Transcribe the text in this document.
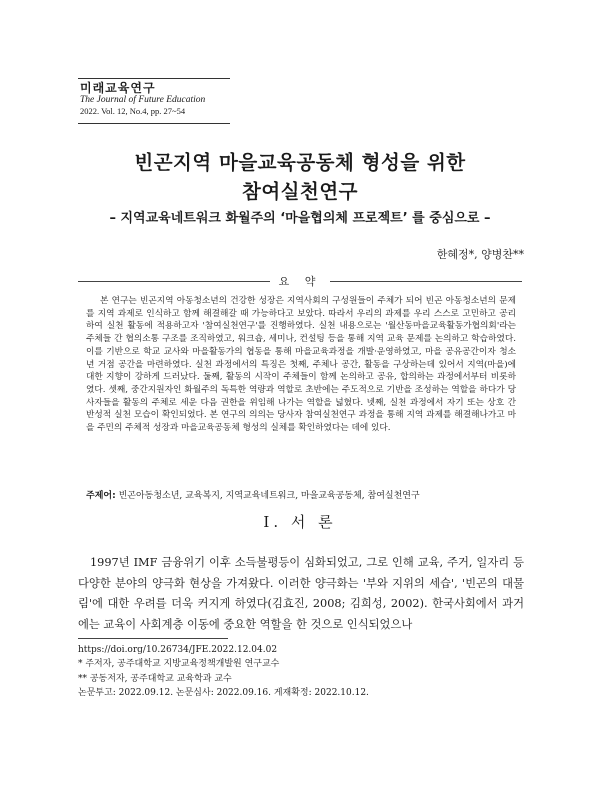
미래교육연구
The Journal of Future Education
2022. Vol. 12, No.4, pp. 27~54
빈곤지역 마을교육공동체 형성을 위한
참여실천연구
– 지역교육네트워크 화월주의 ‘마을협의체 프로젝트’ 를 중심으로 –
한혜정*, 양병찬**
요 약

본 연구는 빈곤지역 아동청소년의 건강한 성장은 지역사회의 구성원들이 주체가 되어 빈곤 아동청소년의 문제를 지역 과제로 인식하고 함께 해결해갈 때 가능하다고 보았다. 따라서 우리의 과제를 우리 스스로 고민하고 공리하여 실천 활동에 적용하고자 '참여실천연구'를 진행하였다. 실천 내용으로는 '월산동마을교육활동가협의회'라는 주체들 간 협의소통 구조를 조직하였고, 워크숍, 세미나, 컨설팅 등을 통해 지역 교육 문제를 논의하고 학습하였다. 이를 기반으로 학교 교사와 마을활동가의 협동을 통해 마을교육과정을 개발·운영하였고, 마을 공유공간이자 청소년 거점 공간을 마련하였다. 실천 과정에서의 특징은 첫째, 주체나 공간, 활동을 구상하는데 있어서 지역(마을)에 대한 지향이 강하게 드러났다. 둘째, 활동의 시작이 주체들이 함께 논의하고 공유, 합의하는 과정에서부터 비롯하였다. 셋째, 중간지원자인 화월주의 독특한 역량과 역할로 초반에는 주도적으로 기반을 조성하는 역할을 하다가 당사자들을 활동의 주체로 세운 다음 권한을 위임해 나가는 역할을 넓혔다. 넷째, 실천 과정에서 자기 또는 상호 간 반성적 실천 모습이 확인되었다. 본 연구의 의의는 당사자 참여실천연구 과정을 통해 지역 과제를 해결해나가고 마을 주민의 주체적 성장과 마을교육공동체 형성의 실체를 확인하였다는 데에 있다.

주제어: 빈곤아동청소년, 교육복지, 지역교육네트워크, 마을교육공동체, 참여실천연구
Ⅰ. 서 론

1997년 IMF 금융위기 이후 소득불평등이 심화되었고, 그로 인해 교육, 주거, 일자리 등 다양한 분야의 양극화 현상을 가져왔다. 이러한 양극화는 '부와 지위의 세습', '빈곤의 대물림'에 대한 우려를 더욱 커지게 하였다(김효진, 2008; 김희성, 2002). 한국사회에서 과거에는 교육이 사회계층 이동에 중요한 역할을 한 것으로 인식되었으나

https://doi.org/10.26734/JFE.2022.12.04.02
* 주저자, 공주대학교 지방교육정책개발원 연구교수
** 공동저자, 공주대학교 교육학과 교수
논문투고: 2022.09.12. 논문심사: 2022.09.16. 게재확정: 2022.10.12.
